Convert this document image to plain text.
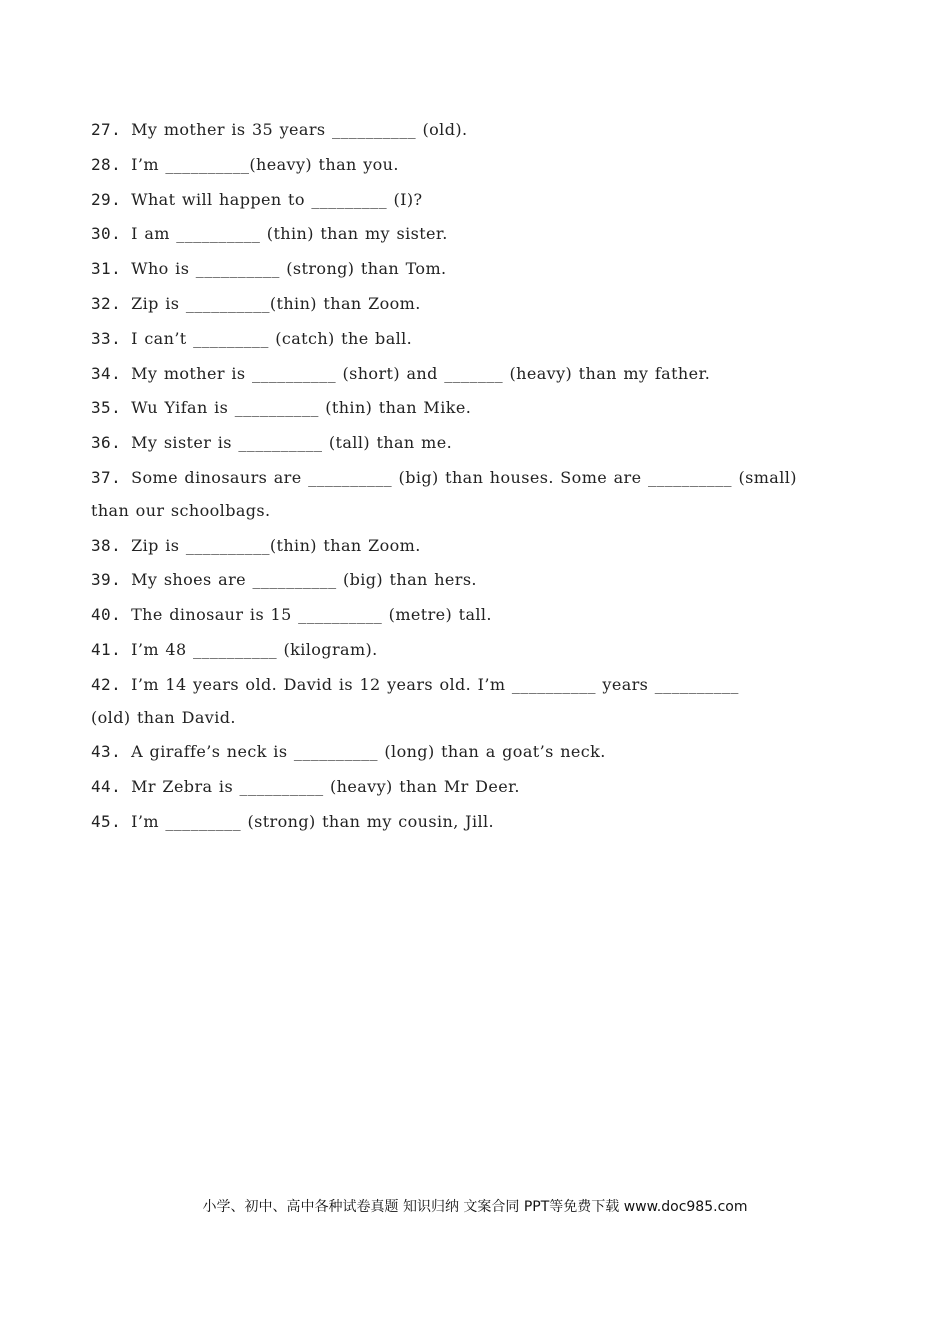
27. My mother is 35 years __________ (old).
28. I’m __________(heavy) than you.
29. What will happen to _________ (I)?
30. I am __________ (thin) than my sister.
31. Who is __________ (strong) than Tom.
32. Zip is __________(thin) than Zoom.
33. I can’t _________ (catch) the ball.
34. My mother is __________ (short) and _______ (heavy) than my father.
35. Wu Yifan is __________ (thin) than Mike.
36. My sister is __________ (tall) than me.
37. Some dinosaurs are __________ (big) than houses. Some are __________ (small)
than our schoolbags.
38. Zip is __________(thin) than Zoom.
39. My shoes are __________ (big) than hers.
40. The dinosaur is 15 __________ (metre) tall.
41. I’m 48 __________ (kilogram).
42. I’m 14 years old. David is 12 years old. I’m __________ years __________
(old) than David.
43. A giraffe’s neck is __________ (long) than a goat’s neck.
44. Mr Zebra is __________ (heavy) than Mr Deer.
45. I’m _________ (strong) than my cousin, Jill.
小学、初中、高中各种试卷真题 知识归纳 文案合同 PPT等免费下载 www.doc985.com
